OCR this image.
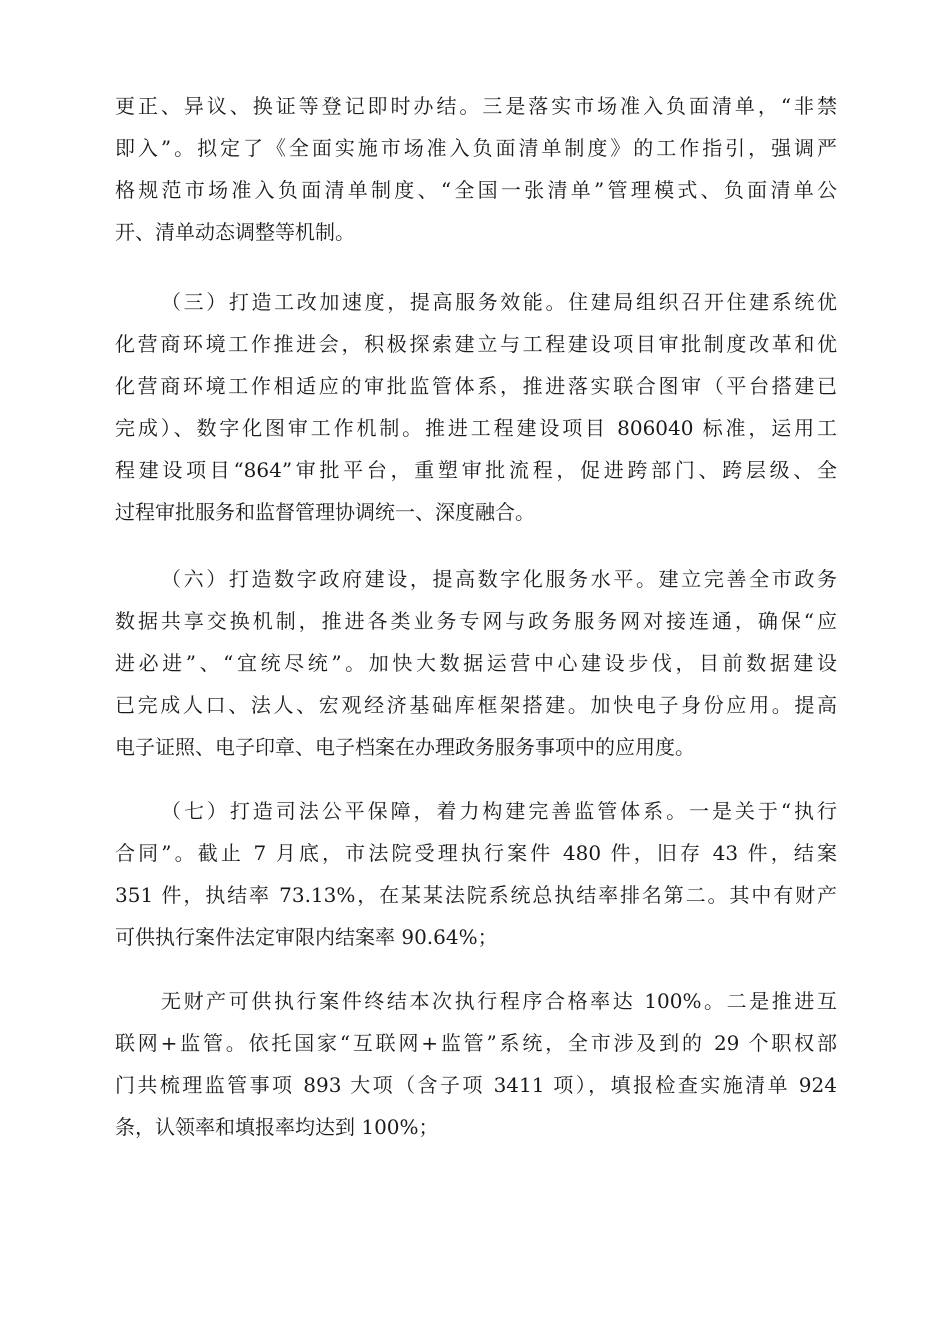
更正、异议、换证等登记即时办结。三是落实市场准入负面清单，“非禁
即入”。拟定了《全面实施市场准入负面清单制度》的工作指引，强调严
格规范市场准入负面清单制度、“全国一张清单”管理模式、负面清单公
开、清单动态调整等机制。
（三）打造工改加速度，提高服务效能。住建局组织召开住建系统优
化营商环境工作推进会，积极探索建立与工程建设项目审批制度改革和优
化营商环境工作相适应的审批监管体系，推进落实联合图审（平台搭建已
完成）、数字化图审工作机制。推进工程建设项目 806040 标准，运用工
程建设项目“864”审批平台，重塑审批流程，促进跨部门、跨层级、全
过程审批服务和监督管理协调统一、深度融合。
（六）打造数字政府建设，提高数字化服务水平。建立完善全市政务
数据共享交换机制，推进各类业务专网与政务服务网对接连通，确保“应
进必进”、“宜统尽统”。加快大数据运营中心建设步伐，目前数据建设
已完成人口、法人、宏观经济基础库框架搭建。加快电子身份应用。提高
电子证照、电子印章、电子档案在办理政务服务事项中的应用度。
（七）打造司法公平保障，着力构建完善监管体系。一是关于“执行
合同”。截止 7 月底，市法院受理执行案件 480 件，旧存 43 件，结案
351 件，执结率 73.13%，在某某法院系统总执结率排名第二。其中有财产
可供执行案件法定审限内结案率 90.64%；
无财产可供执行案件终结本次执行程序合格率达 100%。二是推进互
联网+监管。依托国家“互联网+监管”系统，全市涉及到的 29 个职权部
门共梳理监管事项 893 大项（含子项 3411 项），填报检查实施清单 924
条，认领率和填报率均达到 100%；
